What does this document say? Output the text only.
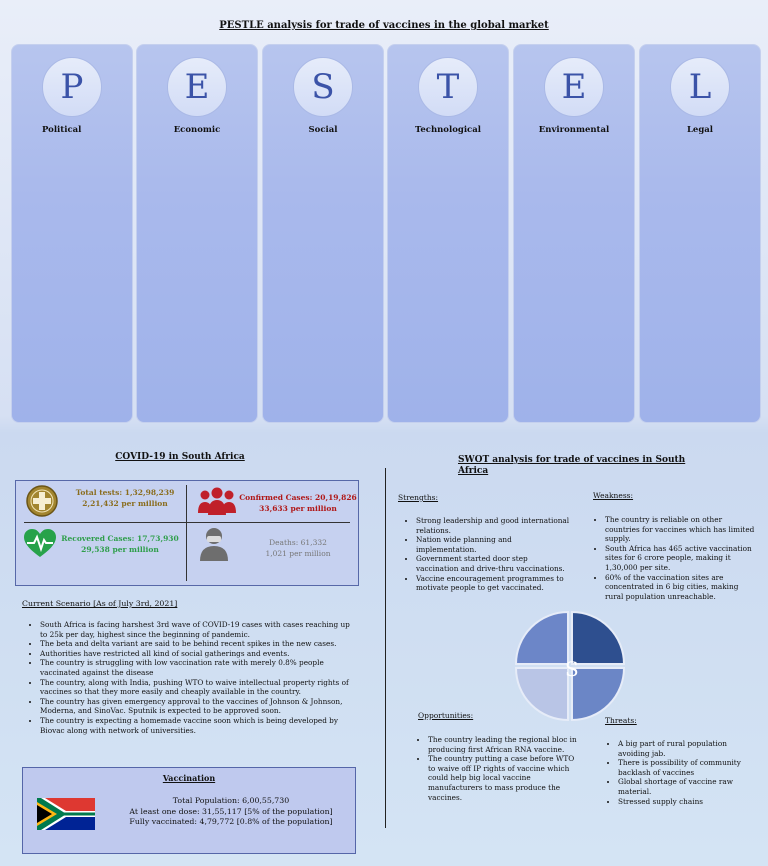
PESTLE analysis for trade of vaccines in the global market
P
Political
E
Economic
S
Social
T
Technological
E
Environmental
L
Legal
COVID-19 in South Africa
Total tests: 1,32,98,239
2,21,432 per million
Confirmed Cases: 20,19,826
33,633 per million
Recovered Cases: 17,73,930
29,538 per million
Deaths: 61,332
1,021 per million
Current Scenario [As of July 3rd, 2021]
• South Africa is facing harshest 3rd wave of COVID-19 cases with cases reaching up to 25k per day, highest since the beginning of pandemic.
• The beta and delta variant are said to be behind recent spikes in the new cases.
• Authorities have restricted all kind of social gatherings and events.
• The country is struggling with low vaccination rate with merely 0.8% people vaccinated against the disease
• The country, along with India, pushing WTO to waive intellectual property rights of vaccines so that they more easily and cheaply available in the country.
• The country has given emergency approval to the vaccines of Johnson & Johnson, Moderna, and SinoVac. Sputnik is expected to be approved soon.
• The country is expecting a homemade vaccine soon which is being developed by Biovac along with network of universities.
Vaccination
Total Population: 6,00,55,730
At least one dose: 31,55,117 [5% of the population]
Fully vaccinated: 4,79,772 [0.8% of the population]
SWOT analysis for trade of vaccines in South
Africa
Strengths:
• Strong leadership and good international relations.
• Nation wide planning and implementation.
• Government started door step vaccination and drive-thru vaccinations.
• Vaccine encouragement programmes to motivate people to get vaccinated.
Weakness:
• The country is reliable on other countries for vaccines which has limited supply.
• South Africa has 465 active vaccination sites for 6 crore people, making it 1,30,000 per site.
• 60% of the vaccination sites are concentrated in 6 big cities, making rural population unreachable.
S
Opportunities:
• The country leading the regional bloc in producing first African RNA vaccine.
• The country putting a case before WTO to waive off IP rights of vaccine which could help big local vaccine manufacturers to mass produce the vaccines.
Threats:
• A big part of rural population avoiding jab.
• There is possibility of community backlash of vaccines
• Global shortage of vaccine raw material.
• Stressed supply chains
